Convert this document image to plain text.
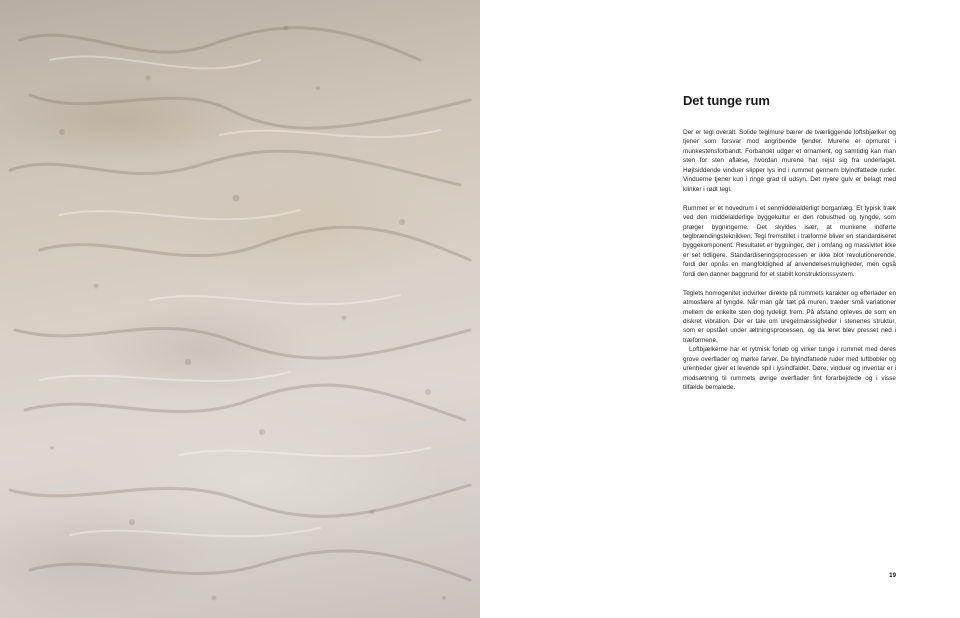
Det tunge rum

Der er tegl overalt. Solide teglmure bærer de tværliggende loftsbjælker og tjener som forsvar mod angribende fjender. Murene er opmuret i munkestensforbandt. Forbandet udgør et ornament, og samtidig kan man sten for sten aflæse, hvordan murene har rejst sig fra underlaget. Højtsiddende vinduer slipper lys ind i rummet gennem blyindfattede ruder. Vinduerne tjener kun i ringe grad til udsyn. Det nyere gulv er belagt med klinker i rødt tegl.

Rummet er et hovedrum i et senmiddelalderligt borganlæg. Et typisk træk ved den middelalderlige byggekultur er den robusthed og tyngde, som præger bygningerne. Det skyldes især, at munkene indførte teglbrændingsteknikken. Tegl fremstillet i træforme bliver en standardiseret byggekomponent. Resultatet er bygninger, der i omfang og massivitet ikke er set tidligere. Standardiseringsprocessen er ikke blot revolutionerende, fordi der opnås en mangfoldighed af anvendelsesmuligheder, men også fordi den danner baggrund for et stabilt konstruktionssystem.

Teglets homogenitet indvirker direkte på rummets karakter og efterlader en atmosfære af tyngde. Når man går tæt på muren, træder små variationer mellem de enkelte sten dog tydeligt frem. På afstand opleves de som en diskret vibration. Der er tale om uregelmæssigheder i stenenes struktur, som er opstået under æltningsprocessen, og da leret blev presset ned i træformene.

Loftbjælkerne har et rytmisk forløb og virker tunge i rummet med deres grove overflader og mørke farver. De blyindfattede ruder med luftbobler og urenheder giver et levende spil i lysindfaldet. Døre, vinduer og inventar er i modsætning til rummets øvrige overflader fint forarbejdede og i visse tilfælde bemalede.

19
